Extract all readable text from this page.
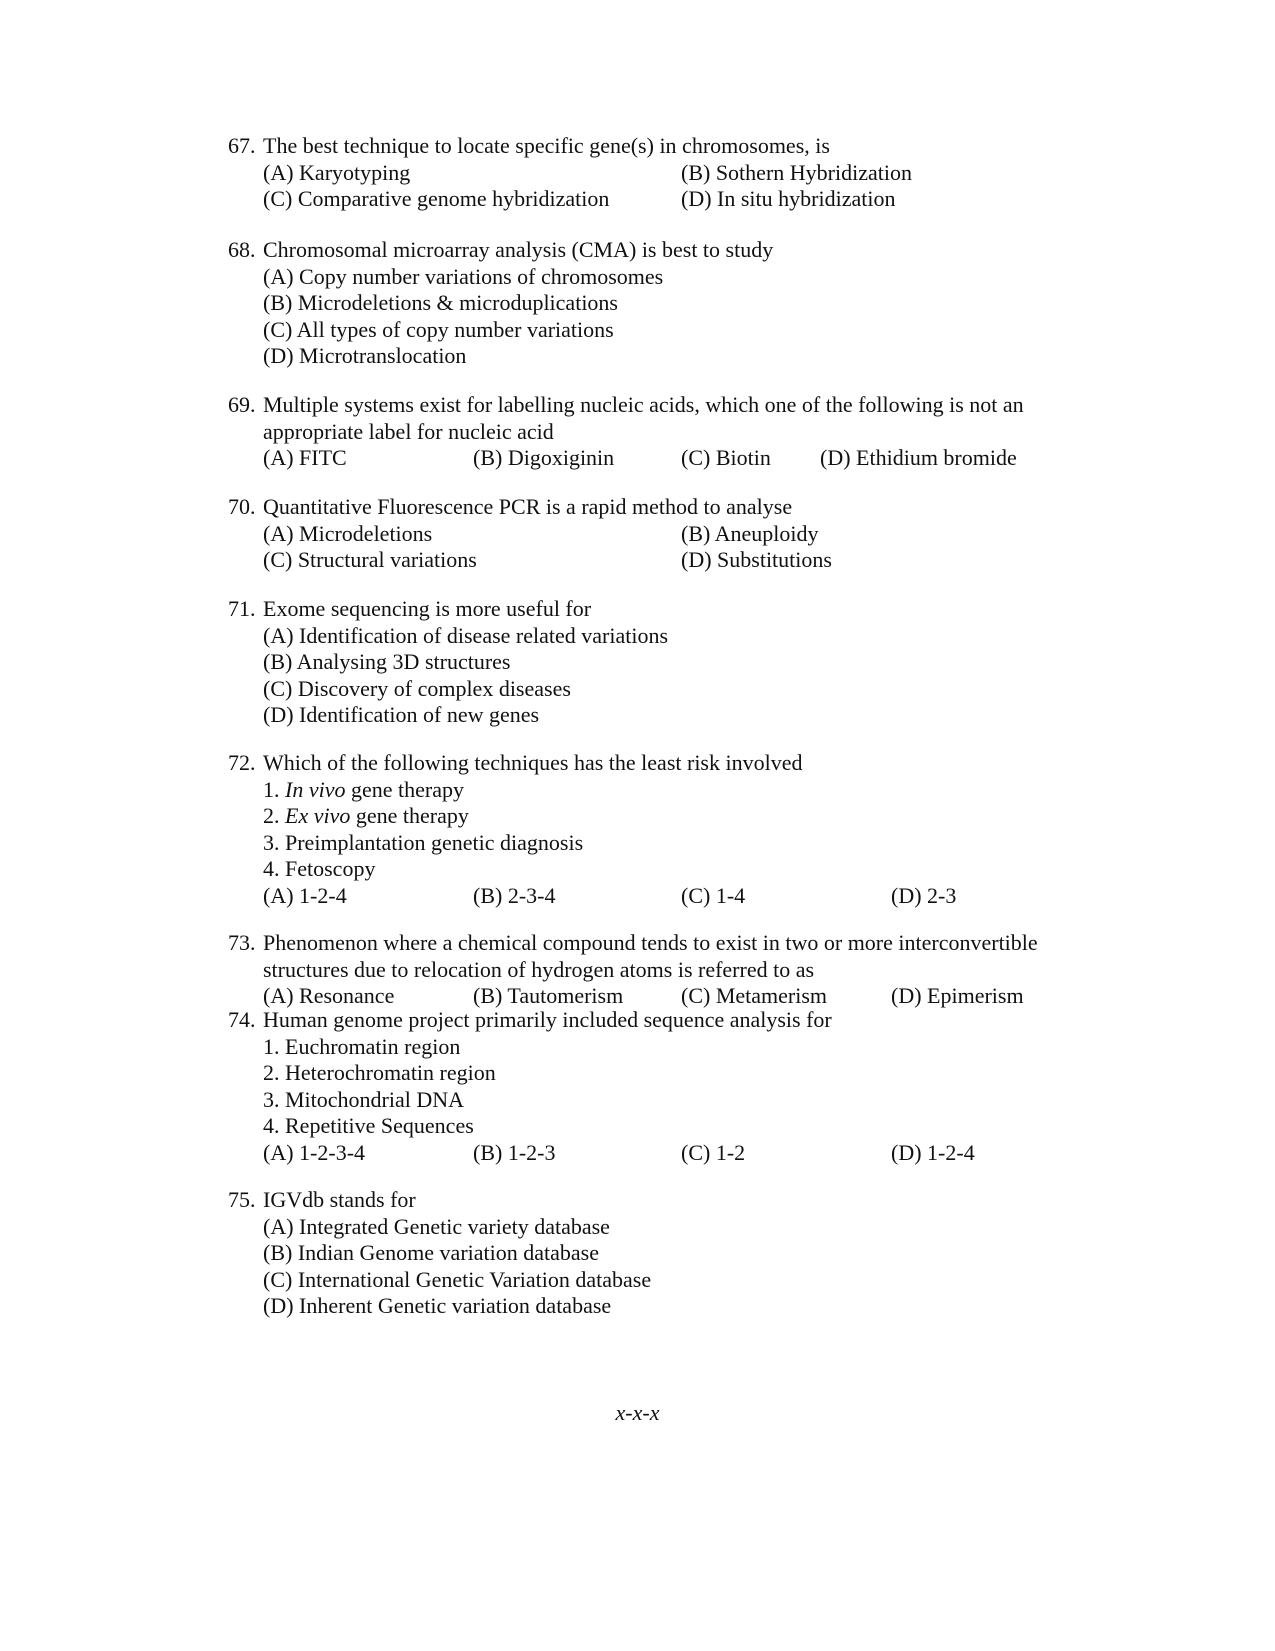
67. The best technique to locate specific gene(s) in chromosomes, is
(A) Karyotyping	(B) Sothern Hybridization
(C) Comparative genome hybridization	(D) In situ hybridization
68. Chromosomal microarray analysis (CMA) is best to study
(A) Copy number variations of chromosomes
(B) Microdeletions & microduplications
(C) All types of copy number variations
(D) Microtranslocation
69. Multiple systems exist for labelling nucleic acids, which one of the following is not an
appropriate label for nucleic acid
(A) FITC	(B) Digoxiginin	(C) Biotin (D) Ethidium bromide
70. Quantitative Fluorescence PCR is a rapid method to analyse
(A) Microdeletions	(B) Aneuploidy
(C) Structural variations	(D) Substitutions
71. Exome sequencing is more useful for
(A) Identification of disease related variations
(B) Analysing 3D structures
(C) Discovery of complex diseases
(D) Identification of new genes
72. Which of the following techniques has the least risk involved
1. In vivo gene therapy
2. Ex vivo gene therapy
3. Preimplantation genetic diagnosis
4. Fetoscopy
(A) 1-2-4	(B) 2-3-4	(C) 1-4	(D) 2-3
73. Phenomenon where a chemical compound tends to exist in two or more interconvertible
structures due to relocation of hydrogen atoms is referred to as
(A) Resonance	(B) Tautomerism	(C) Metamerism	(D) Epimerism
74. Human genome project primarily included sequence analysis for
1. Euchromatin region
2. Heterochromatin region
3. Mitochondrial DNA
4. Repetitive Sequences
(A) 1-2-3-4	(B) 1-2-3	(C) 1-2	(D) 1-2-4
75. IGVdb stands for
(A) Integrated Genetic variety database
(B) Indian Genome variation database
(C) International Genetic Variation database
(D) Inherent Genetic variation database
x-x-x
